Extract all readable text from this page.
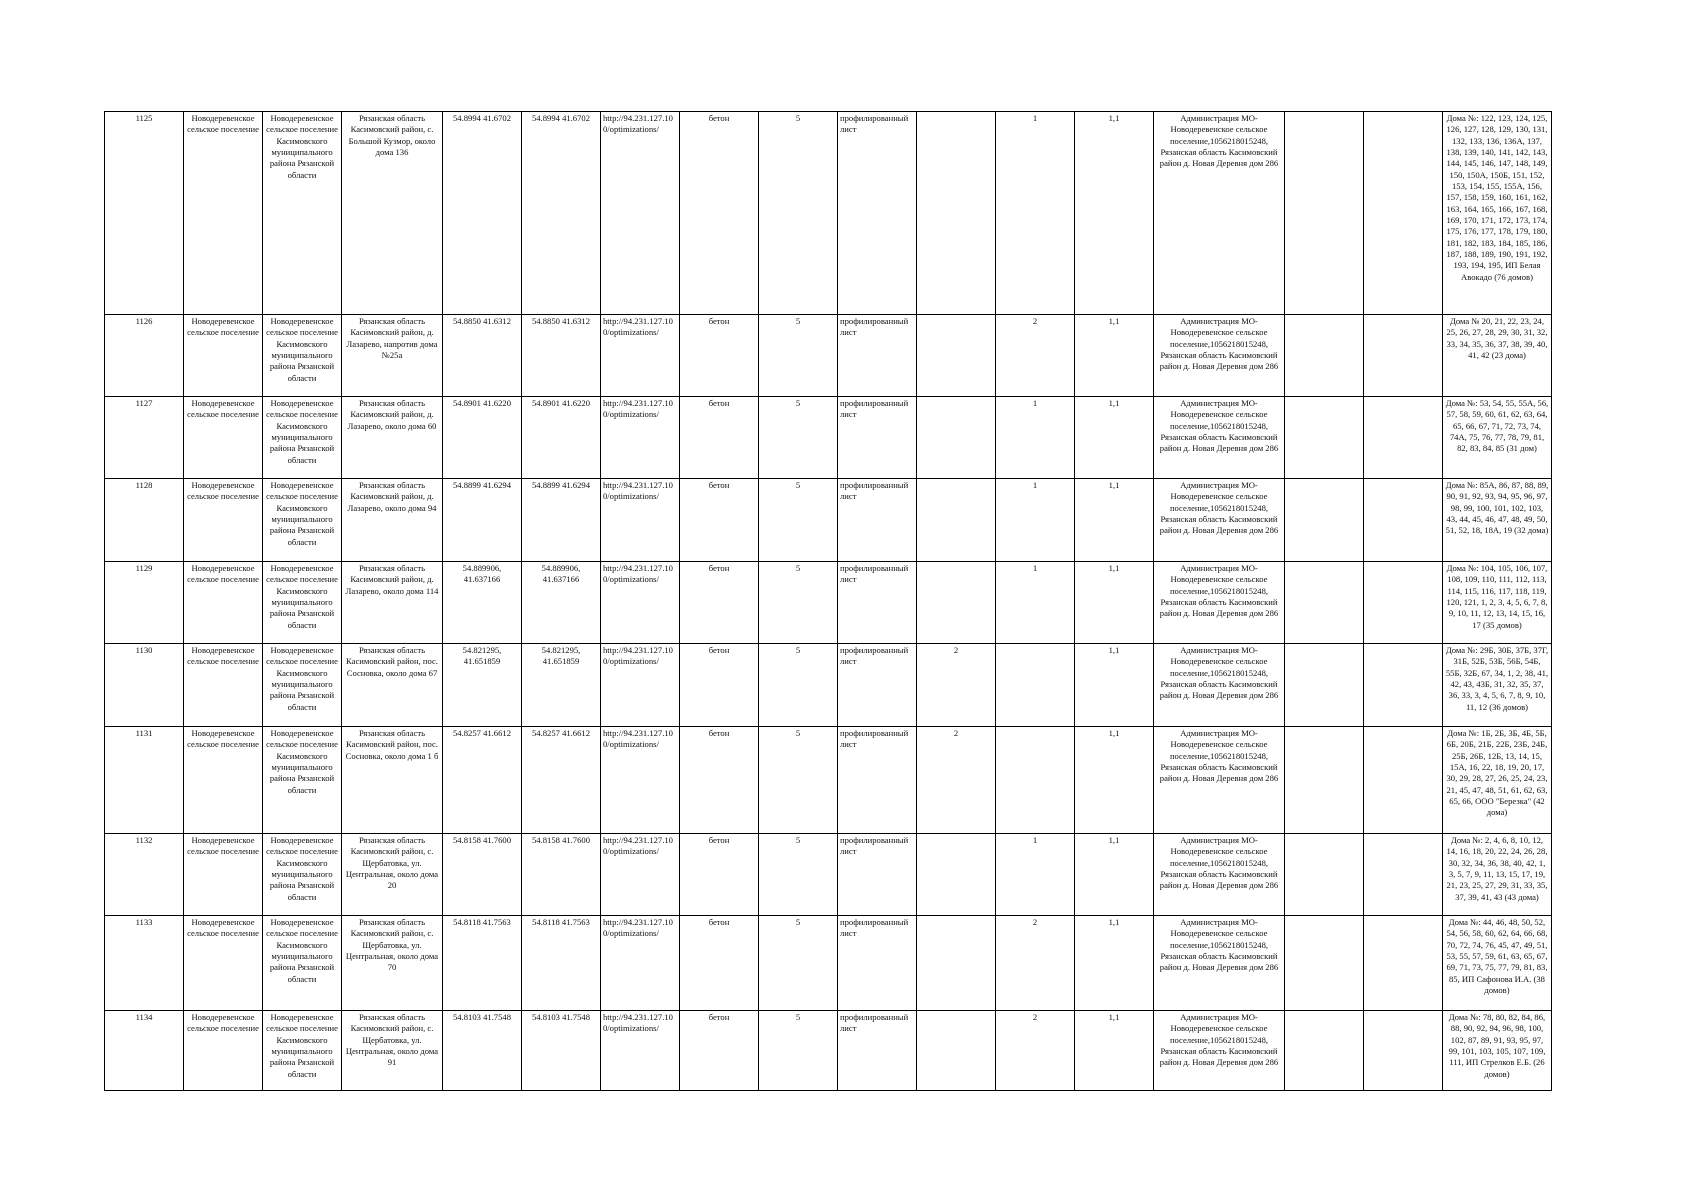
1125	Новодеревенское сельское поселение	Новодеревенское сельское поселение Касимовского муниципального района Рязанской области	Рязанская область Касимовский район, с. Большой Кузмор, около дома 136	54.8994 41.6702	54.8994 41.6702	http://94.231.127.10 0/optimizations/	бетон	5	профилированный лист		1	1,1	Администрация МО-Новодеревенское сельское поселение,1056218015248, Рязанская область Касимовский район д. Новая Деревня дом 286			Дома №: 122, 123, 124, 125, 126, 127, 128, 129, 130, 131, 132, 133, 136, 136А, 137, 138, 139, 140, 141, 142, 143, 144, 145, 146, 147, 148, 149, 150, 150А, 150Б, 151, 152, 153, 154, 155, 155А, 156, 157, 158, 159, 160, 161, 162, 163, 164, 165, 166, 167, 168, 169, 170, 171, 172, 173, 174, 175, 176, 177, 178, 179, 180, 181, 182, 183, 184, 185, 186, 187, 188, 189, 190, 191, 192, 193, 194, 195, ИП Белая Авокадо (76 домов)
1126	Новодеревенское сельское поселение	Новодеревенское сельское поселение Касимовского муниципального района Рязанской области	Рязанская область Касимовский район, д. Лазарево, напротив дома №25а	54.8850 41.6312	54.8850 41.6312	http://94.231.127.10 0/optimizations/	бетон	5	профилированный лист		2	1,1	Администрация МО-Новодеревенское сельское поселение,1056218015248, Рязанская область Касимовский район д. Новая Деревня дом 286			Дома № 20, 21, 22, 23, 24, 25, 26, 27, 28, 29, 30, 31, 32, 33, 34, 35, 36, 37, 38, 39, 40, 41, 42 (23 дома)
1127	Новодеревенское сельское поселение	Новодеревенское сельское поселение Касимовского муниципального района Рязанской области	Рязанская область Касимовский район, д. Лазарево, около дома 60	54.8901 41.6220	54.8901 41.6220	http://94.231.127.10 0/optimizations/	бетон	5	профилированный лист		1	1,1	Администрация МО-Новодеревенское сельское поселение,1056218015248, Рязанская область Касимовский район д. Новая Деревня дом 286			Дома №: 53, 54, 55, 55А, 56, 57, 58, 59, 60, 61, 62, 63, 64, 65, 66, 67, 71, 72, 73, 74, 74А, 75, 76, 77, 78, 79, 81, 82, 83, 84, 85 (31 дом)
1128	Новодеревенское сельское поселение	Новодеревенское сельское поселение Касимовского муниципального района Рязанской области	Рязанская область Касимовский район, д. Лазарево, около дома 94	54.8899 41.6294	54.8899 41.6294	http://94.231.127.10 0/optimizations/	бетон	5	профилированный лист		1	1,1	Администрация МО-Новодеревенское сельское поселение,1056218015248, Рязанская область Касимовский район д. Новая Деревня дом 286			Дома №: 85А, 86, 87, 88, 89, 90, 91, 92, 93, 94, 95, 96, 97, 98, 99, 100, 101, 102, 103, 43, 44, 45, 46, 47, 48, 49, 50, 51, 52, 18, 18А, 19 (32 дома)
1129	Новодеревенское сельское поселение	Новодеревенское сельское поселение Касимовского муниципального района Рязанской области	Рязанская область Касимовский район, д. Лазарево, около дома 114	54.889906, 41.637166	54.889906, 41.637166	http://94.231.127.10 0/optimizations/	бетон	5	профилированный лист		1	1,1	Администрация МО-Новодеревенское сельское поселение,1056218015248, Рязанская область Касимовский район д. Новая Деревня дом 286			Дома №: 104, 105, 106, 107, 108, 109, 110, 111, 112, 113, 114, 115, 116, 117, 118, 119, 120, 121, 1, 2, 3, 4, 5, 6, 7, 8, 9, 10, 11, 12, 13, 14, 15, 16, 17 (35 домов)
1130	Новодеревенское сельское поселение	Новодеревенское сельское поселение Касимовского муниципального района Рязанской области	Рязанская область Касимовский район, пос. Сосновка, около дома 67	54.821295, 41.651859	54.821295, 41.651859	http://94.231.127.10 0/optimizations/	бетон	5	профилированный лист	2		1,1	Администрация МО-Новодеревенское сельское поселение,1056218015248, Рязанская область Касимовский район д. Новая Деревня дом 286			Дома №: 29Б, 30Б, 37Б, 37Г, 31Б, 52Б, 53Б, 56Б, 54Б, 55Б, 32Б, 67, 34, 1, 2, 38, 41, 42, 43, 43Б, 31, 32, 35, 37, 36, 33, 3, 4, 5, 6, 7, 8, 9, 10, 11, 12 (36 домов)
1131	Новодеревенское сельское поселение	Новодеревенское сельское поселение Касимовского муниципального района Рязанской области	Рязанская область Касимовский район, пос. Сосновка, около дома 1 б	54.8257 41.6612	54.8257 41.6612	http://94.231.127.10 0/optimizations/	бетон	5	профилированный лист	2		1,1	Администрация МО-Новодеревенское сельское поселение,1056218015248, Рязанская область Касимовский район д. Новая Деревня дом 286			Дома №: 1Б, 2Б, 3Б, 4Б, 5Б, 6Б, 20Б, 21Б, 22Б, 23Б, 24Б, 25Б, 26Б, 12Б, 13, 14, 15, 15А, 16, 22, 18, 19, 20, 17, 30, 29, 28, 27, 26, 25, 24, 23, 21, 45, 47, 48, 51, 61, 62, 63, 65, 66, ООО "Березка" (42 дома)
1132	Новодеревенское сельское поселение	Новодеревенское сельское поселение Касимовского муниципального района Рязанской области	Рязанская область Касимовский район, с. Щербатовка, ул. Центральная, около дома 20	54.8158 41.7600	54.8158 41.7600	http://94.231.127.10 0/optimizations/	бетон	5	профилированный лист		1	1,1	Администрация МО-Новодеревенское сельское поселение,1056218015248, Рязанская область Касимовский район д. Новая Деревня дом 286			Дома №: 2, 4, 6, 8, 10, 12, 14, 16, 18, 20, 22, 24, 26, 28, 30, 32, 34, 36, 38, 40, 42, 1, 3, 5, 7, 9, 11, 13, 15, 17, 19, 21, 23, 25, 27, 29, 31, 33, 35, 37, 39, 41, 43 (43 дома)
1133	Новодеревенское сельское поселение	Новодеревенское сельское поселение Касимовского муниципального района Рязанской области	Рязанская область Касимовский район, с. Щербатовка, ул. Центральная, около дома 70	54.8118 41.7563	54.8118 41.7563	http://94.231.127.10 0/optimizations/	бетон	5	профилированный лист		2	1,1	Администрация МО-Новодеревенское сельское поселение,1056218015248, Рязанская область Касимовский район д. Новая Деревня дом 286			Дома №: 44, 46, 48, 50, 52, 54, 56, 58, 60, 62, 64, 66, 68, 70, 72, 74, 76, 45, 47, 49, 51, 53, 55, 57, 59, 61, 63, 65, 67, 69, 71, 73, 75, 77, 79, 81, 83, 85, ИП Сафонова И.А. (38 домов)
1134	Новодеревенское сельское поселение	Новодеревенское сельское поселение Касимовского муниципального района Рязанской области	Рязанская область Касимовский район, с. Щербатовка, ул. Центральная, около дома 91	54.8103 41.7548	54.8103 41.7548	http://94.231.127.10 0/optimizations/	бетон	5	профилированный лист		2	1,1	Администрация МО-Новодеревенское сельское поселение,1056218015248, Рязанская область Касимовский район д. Новая Деревня дом 286			Дома №: 78, 80, 82, 84, 86, 88, 90, 92, 94, 96, 98, 100, 102, 87, 89, 91, 93, 95, 97, 99, 101, 103, 105, 107, 109, 111, ИП Стрелков Е.Б. (26 домов)
